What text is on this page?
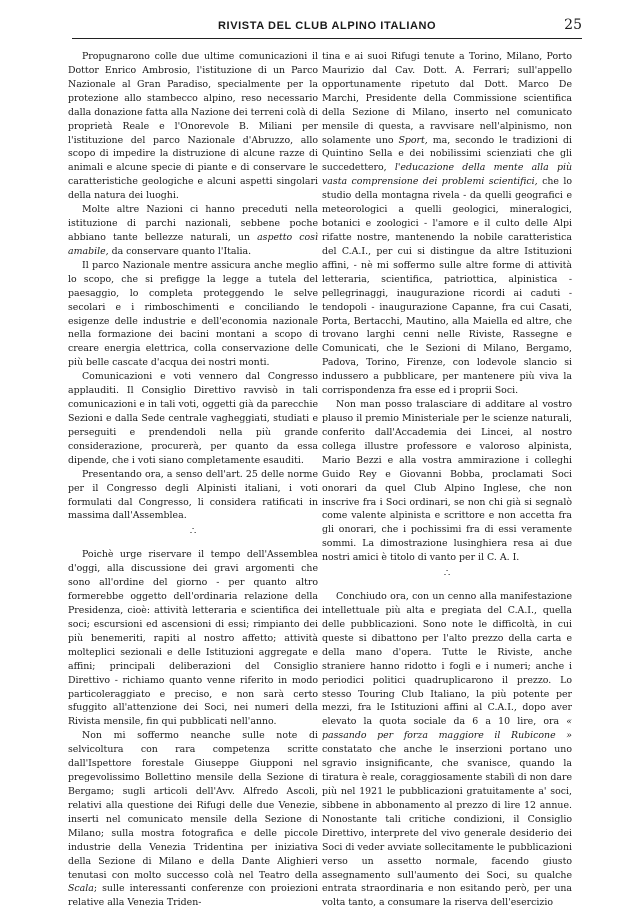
RIVISTA DEL CLUB ALPINO ITALIANO	25

Propugnarono colle due ultime comunicazioni il Dottor Enrico Ambrosio, l'istituzione di un Parco Nazionale al Gran Paradiso, specialmente per la protezione allo stambecco alpino, reso necessario dalla donazione fatta alla Nazione dei terreni colà di proprietà Reale e l'Onorevole B. Miliani per l'istituzione del parco Nazionale d'Abruzzo, allo scopo di impedire la distruzione di alcune razze di animali e alcune specie di piante e di conservare le caratteristiche geologiche e alcuni aspetti singolari della natura dei luoghi.

Molte altre Nazioni ci hanno preceduti nella istituzione di parchi nazionali, sebbene poche abbiano tante bellezze naturali, un aspetto così amabile, da conservare quanto l'Italia.

Il parco Nazionale mentre assicura anche meglio lo scopo, che si prefigge la legge a tutela del paesaggio, lo completa proteggendo le selve secolari e i rimboschimenti e conciliando le esigenze delle industrie e dell'economia nazionale nella formazione dei bacini montani a scopo di creare energia elettrica, colla conservazione delle più belle cascate d'acqua dei nostri monti.

Comunicazioni e voti vennero dal Congresso applauditi. Il Consiglio Direttivo ravvisò in tali comunicazioni e in tali voti, oggetti già da parecchie Sezioni e dalla Sede centrale vagheggiati, studiati e perseguiti e prendendoli nella più grande considerazione, procurerà, per quanto da essa dipende, che i voti siano completamente esauditi.

Presentando ora, a senso dell'art. 25 delle norme per il Congresso degli Alpinisti italiani, i voti formulati dal Congresso, li considera ratificati in massima dall'Assemblea.

∴

Poichè urge riservare il tempo dell'Assemblea d'oggi, alla discussione dei gravi argomenti che sono all'ordine del giorno - per quanto altro formerebbe oggetto dell'ordinaria relazione della Presidenza, cioè: attività letteraria e scientifica dei soci; escursioni ed ascensioni di essi; rimpianto dei più benemeriti, rapiti al nostro affetto; attività molteplici sezionali e delle Istituzioni aggregate e affini; principali deliberazioni del Consiglio Direttivo - richiamo quanto venne riferito in modo particoleraggiato e preciso, e non sarà certo sfuggito all'attenzione dei Soci, nei numeri della Rivista mensile, fin qui pubblicati nell'anno.

Non mi soffermo neanche sulle note di selvicoltura con rara competenza scritte dall'Ispettore forestale Giuseppe Giupponi nel pregevolissimo Bollettino mensile della Sezione di Bergamo; sugli articoli dell'Avv. Alfredo Ascoli, relativi alla questione dei Rifugi delle due Venezie, inserti nel comunicato mensile della Sezione di Milano; sulla mostra fotografica e delle piccole industrie della Venezia Tridentina per iniziativa della Sezione di Milano e della Dante Alighieri tenutasi con molto successo colà nel Teatro della Scala; sulle interessanti conferenze con proiezioni relative alla Venezia Triden-

tina e ai suoi Rifugi tenute a Torino, Milano, Porto Maurizio dal Cav. Dott. A. Ferrari; sull'appello opportunamente ripetuto dal Dott. Marco De Marchi, Presidente della Commissione scientifica della Sezione di Milano, inserto nel comunicato mensile di questa, a ravvisare nell'alpinismo, non solamente uno Sport, ma, secondo le tradizioni di Quintino Sella e dei nobilissimi scienziati che gli succedettero, l'educazione della mente alla più vasta comprensione dei problemi scientifici, che lo studio della montagna rivela - da quelli geografici e meteorologici a quelli geologici, mineralogici, botanici e zoologici - l'amore e il culto delle Alpi rifatte nostre, mantenendo la nobile caratteristica del C.A.I., per cui si distingue da altre Istituzioni affini, - nè mi soffermo sulle altre forme di attività letteraria, scientifica, patriottica, alpinistica - pellegrinaggi, inaugurazione ricordi ai caduti - tendopoli - inaugurazione Capanne, fra cui Casati, Porta, Bertacchi, Mautino, alla Maiella ed altre, che trovano larghi cenni nelle Riviste, Rassegne e Comunicati, che le Sezioni di Milano, Bergamo, Padova, Torino, Firenze, con lodevole slancio si indussero a pubblicare, per mantenere più viva la corrispondenza fra esse ed i proprii Soci.

Non man posso tralasciare di additare al vostro plauso il premio Ministeriale per le scienze naturali, conferito dall'Accademia dei Lincei, al nostro collega illustre professore e valoroso alpinista, Mario Bezzi e alla vostra ammirazione i colleghi Guido Rey e Giovanni Bobba, proclamati Soci onorari da quel Club Alpino Inglese, che non inscrive fra i Soci ordinari, se non chi già si segnalò come valente alpinista e scrittore e non accetta fra gli onorari, che i pochissimi fra di essi veramente sommi. La dimostrazione lusinghiera resa ai due nostri amici è titolo di vanto per il C. A. I.

∴

Conchiudo ora, con un cenno alla manifestazione intellettuale più alta e pregiata del C.A.I., quella delle pubblicazioni. Sono note le difficoltà, in cui queste si dibattono per l'alto prezzo della carta e della mano d'opera. Tutte le Riviste, anche straniere hanno ridotto i fogli e i numeri; anche i periodici politici quadruplicarono il prezzo. Lo stesso Touring Club Italiano, la più potente per mezzi, fra le Istituzioni affini al C.A.I., dopo aver elevato la quota sociale da 6 a 10 lire, ora « passando per forza maggiore il Rubicone » constatato che anche le inserzioni portano uno sgravio insignificante, che svanisce, quando la tiratura è reale, coraggiosamente stabilì di non dare più nel 1921 le pubblicazioni gratuitamente a' soci, sibbene in abbonamento al prezzo di lire 12 annue. Nonostante tali critiche condizioni, il Consiglio Direttivo, interprete del vivo generale desiderio dei Soci di veder avviate sollecitamente le pubblicazioni verso un assetto normale, facendo giusto assegnamento sull'aumento dei Soci, su qualche entrata straordinaria e non esitando però, per una volta tanto, a consumare la riserva dell'esercizio
